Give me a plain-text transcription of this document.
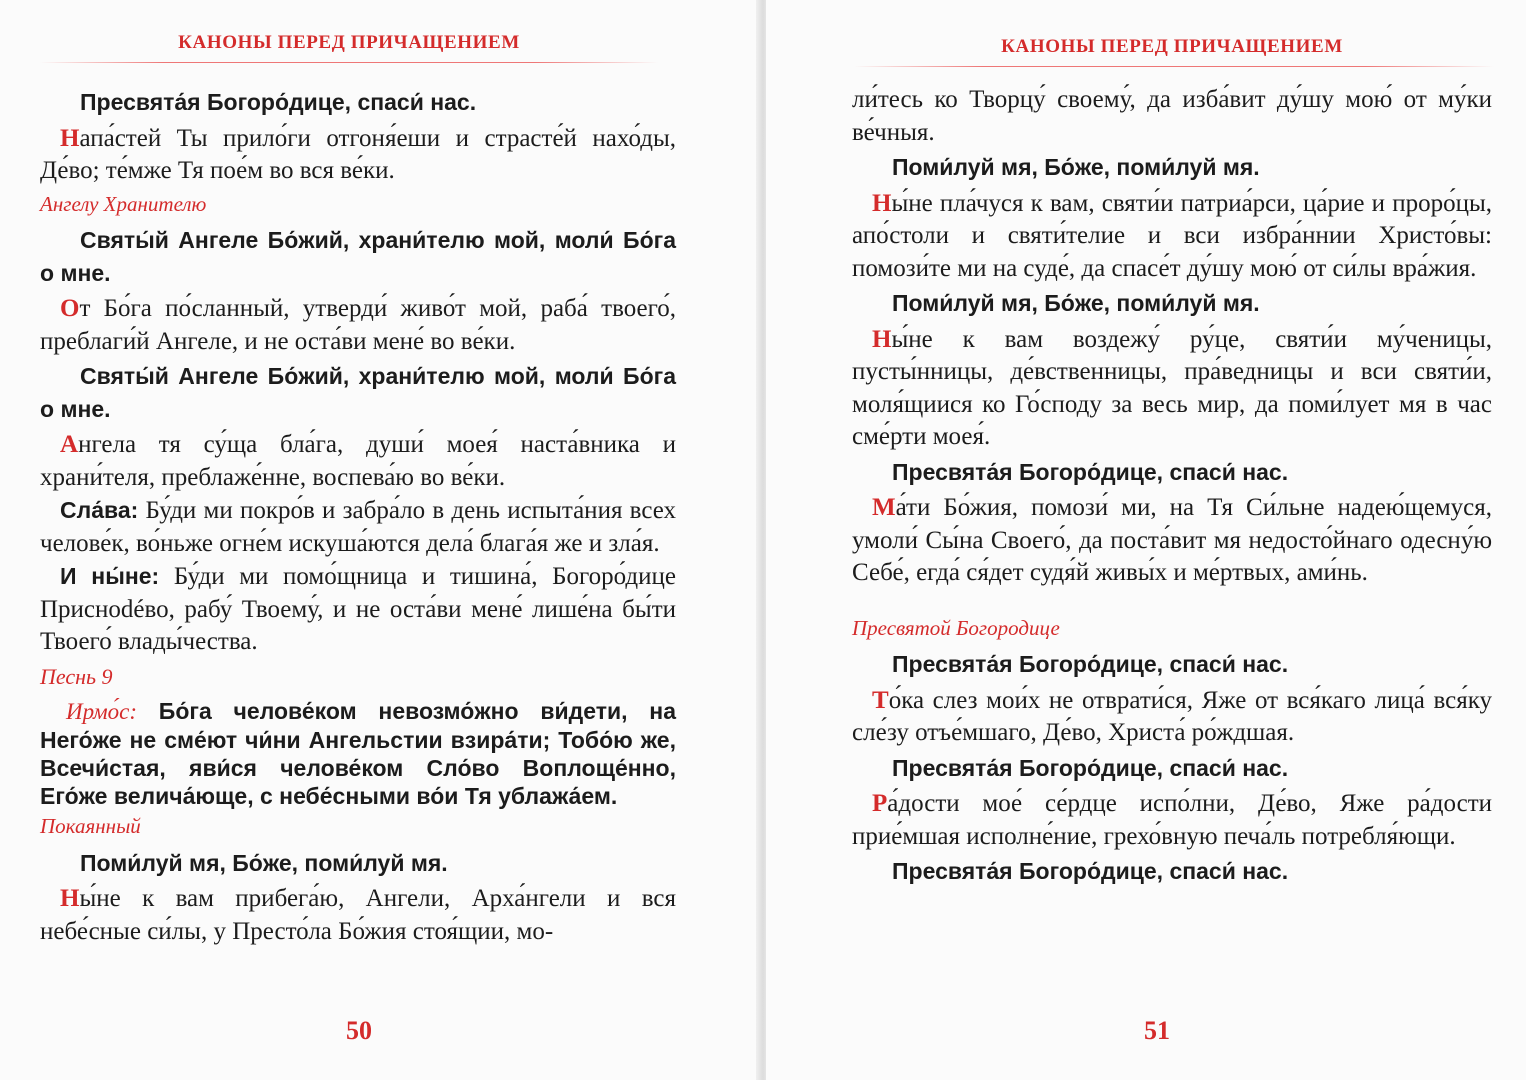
КАНОНЫ ПЕРЕД ПРИЧАЩЕНИЕМ

Пресвята́я Богоро́дице, спаси́ нас.

Напа́стей Ты прило́ги отгоня́еши и страсте́й нахо́ды, Де́во; те́мже Тя пое́м во вся ве́ки.

Ангелу Хранителю

Святы́й Ангеле Бо́жий, храни́телю мой, моли́ Бо́га о мне.

От Бо́га по́сланный, утверди́ живо́т мой, раба́ твоего́, преблаги́й Ангеле, и не оста́ви мене́ во ве́ки.

Святы́й Ангеле Бо́жий, храни́телю мой, моли́ Бо́га о мне.

Ангела тя су́ща бла́га, души́ моея́ наста́вника и храни́теля, преблаже́нне, воспева́ю во ве́ки.

Сла́ва: Бу́ди ми покро́в и забра́ло в день испыта́ния всех челове́к, во́ньже огне́м искуша́ются дела́ блага́я же и зла́я.

И ны́не: Бу́ди ми помо́щница и тишина́, Богоро́дице Приснodéво, рабу́ Твоему́, и не оста́ви мене́ лише́на бы́ти Твоего́ влады́чества.

Песнь 9

Ирмо́с: Бо́га челове́ком невозмо́жно ви́дети, на Него́же не сме́ют чи́ни Ангельстии взира́ти; Тобо́ю же, Всечи́стая, яви́ся челове́ком Сло́во Воплоще́нно, Его́же велича́юще, с небе́сными во́и Тя ублажа́ем.

Покаянный

Поми́луй мя, Бо́же, поми́луй мя.

Ны́не к вам прибега́ю, Ангели, Арха́нгели и вся небе́сные си́лы, у Престо́ла Бо́жия стоя́щии, мо-

50
КАНОНЫ ПЕРЕД ПРИЧАЩЕНИЕМ

ли́тесь ко Творцу́ своему́, да изба́вит ду́шу мою́ от му́ки ве́чныя.

Поми́луй мя, Бо́же, поми́луй мя.

Ны́не пла́чуся к вам, святи́и патриа́рси, ца́рие и проро́цы, апо́столи и святи́телие и вси избра́ннии Христо́вы: помози́те ми на суде́, да спасе́т ду́шу мою́ от си́лы вра́жия.

Поми́луй мя, Бо́же, поми́луй мя.

Ны́не к вам воздежу́ ру́це, святи́и му́ченицы, пусты́нницы, де́вственницы, пра́ведницы и вси святи́и, моля́щиися ко Го́споду за весь мир, да поми́лует мя в час сме́рти моея́.

Пресвята́я Богоро́дице, спаси́ нас.

Ма́ти Бо́жия, помози́ ми, на Тя Си́льне надею́щемуся, умоли́ Сы́на Своего́, да поста́вит мя недосто́йнаго одесну́ю Себе́, егда́ ся́дет судя́й живы́х и ме́ртвых, ами́нь.

Пресвятой Богородице

Пресвята́я Богоро́дице, спаси́ нас.

То́ка слез мои́х не отврати́ся, Яже от вся́каго лица́ вся́ку сле́зу отъе́мшаго, Де́во, Христа́ ро́ждшая.

Пресвята́я Богоро́дице, спаси́ нас.

Ра́дости мое́ се́рдце испо́лни, Де́во, Яже ра́дости прие́мшая исполне́ние, грехо́вную печа́ль потребля́ющи.

Пресвята́я Богоро́дице, спаси́ нас.

51
